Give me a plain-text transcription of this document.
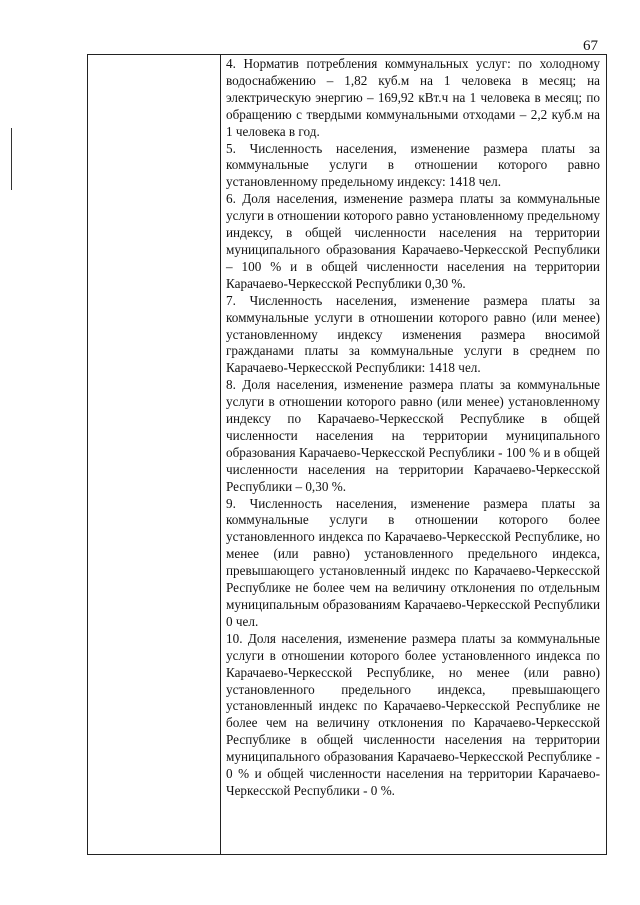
67

4. Норматив потребления коммунальных услуг: по холодному водоснабжению – 1,82 куб.м на 1 человека в месяц; на электрическую энергию – 169,92 кВт.ч на 1 человека в месяц; по обращению с твердыми коммунальными отходами – 2,2 куб.м на 1 человека в год.

5. Численность населения, изменение размера платы за коммунальные услуги в отношении которого равно установленному предельному индексу: 1418 чел.

6. Доля населения, изменение размера платы за коммунальные услуги в отношении которого равно установленному предельному индексу, в общей численности населения на территории муниципального образования Карачаево-Черкесской Республики – 100 % и в общей численности населения на территории Карачаево-Черкесской Республики 0,30 %.

7. Численность населения, изменение размера платы за коммунальные услуги в отношении которого равно (или менее) установленному индексу изменения размера вносимой гражданами платы за коммунальные услуги в среднем по Карачаево-Черкесской Республики: 1418 чел.

8. Доля населения, изменение размера платы за коммунальные услуги в отношении которого равно (или менее) установленному индексу по Карачаево-Черкесской Республике в общей численности населения на территории муниципального образования Карачаево-Черкесской Республики - 100 % и в общей численности населения на территории Карачаево-Черкесской Республики – 0,30 %.

9. Численность населения, изменение размера платы за коммунальные услуги в отношении которого более установленного индекса по Карачаево-Черкесской Республике, но менее (или равно) установленного предельного индекса, превышающего установленный индекс по Карачаево-Черкесской Республике не более чем на величину отклонения по отдельным муниципальным образованиям Карачаево-Черкесской Республики 0 чел.

10. Доля населения, изменение размера платы за коммунальные услуги в отношении которого более установленного индекса по Карачаево-Черкесской Республике, но менее (или равно) установленного предельного индекса, превышающего установленный индекс по Карачаево-Черкесской Республике не более чем на величину отклонения по Карачаево-Черкесской Республике в общей численности населения на территории муниципального образования Карачаево-Черкесской Республике - 0 % и общей численности населения на территории Карачаево-Черкесской Республики - 0 %.
